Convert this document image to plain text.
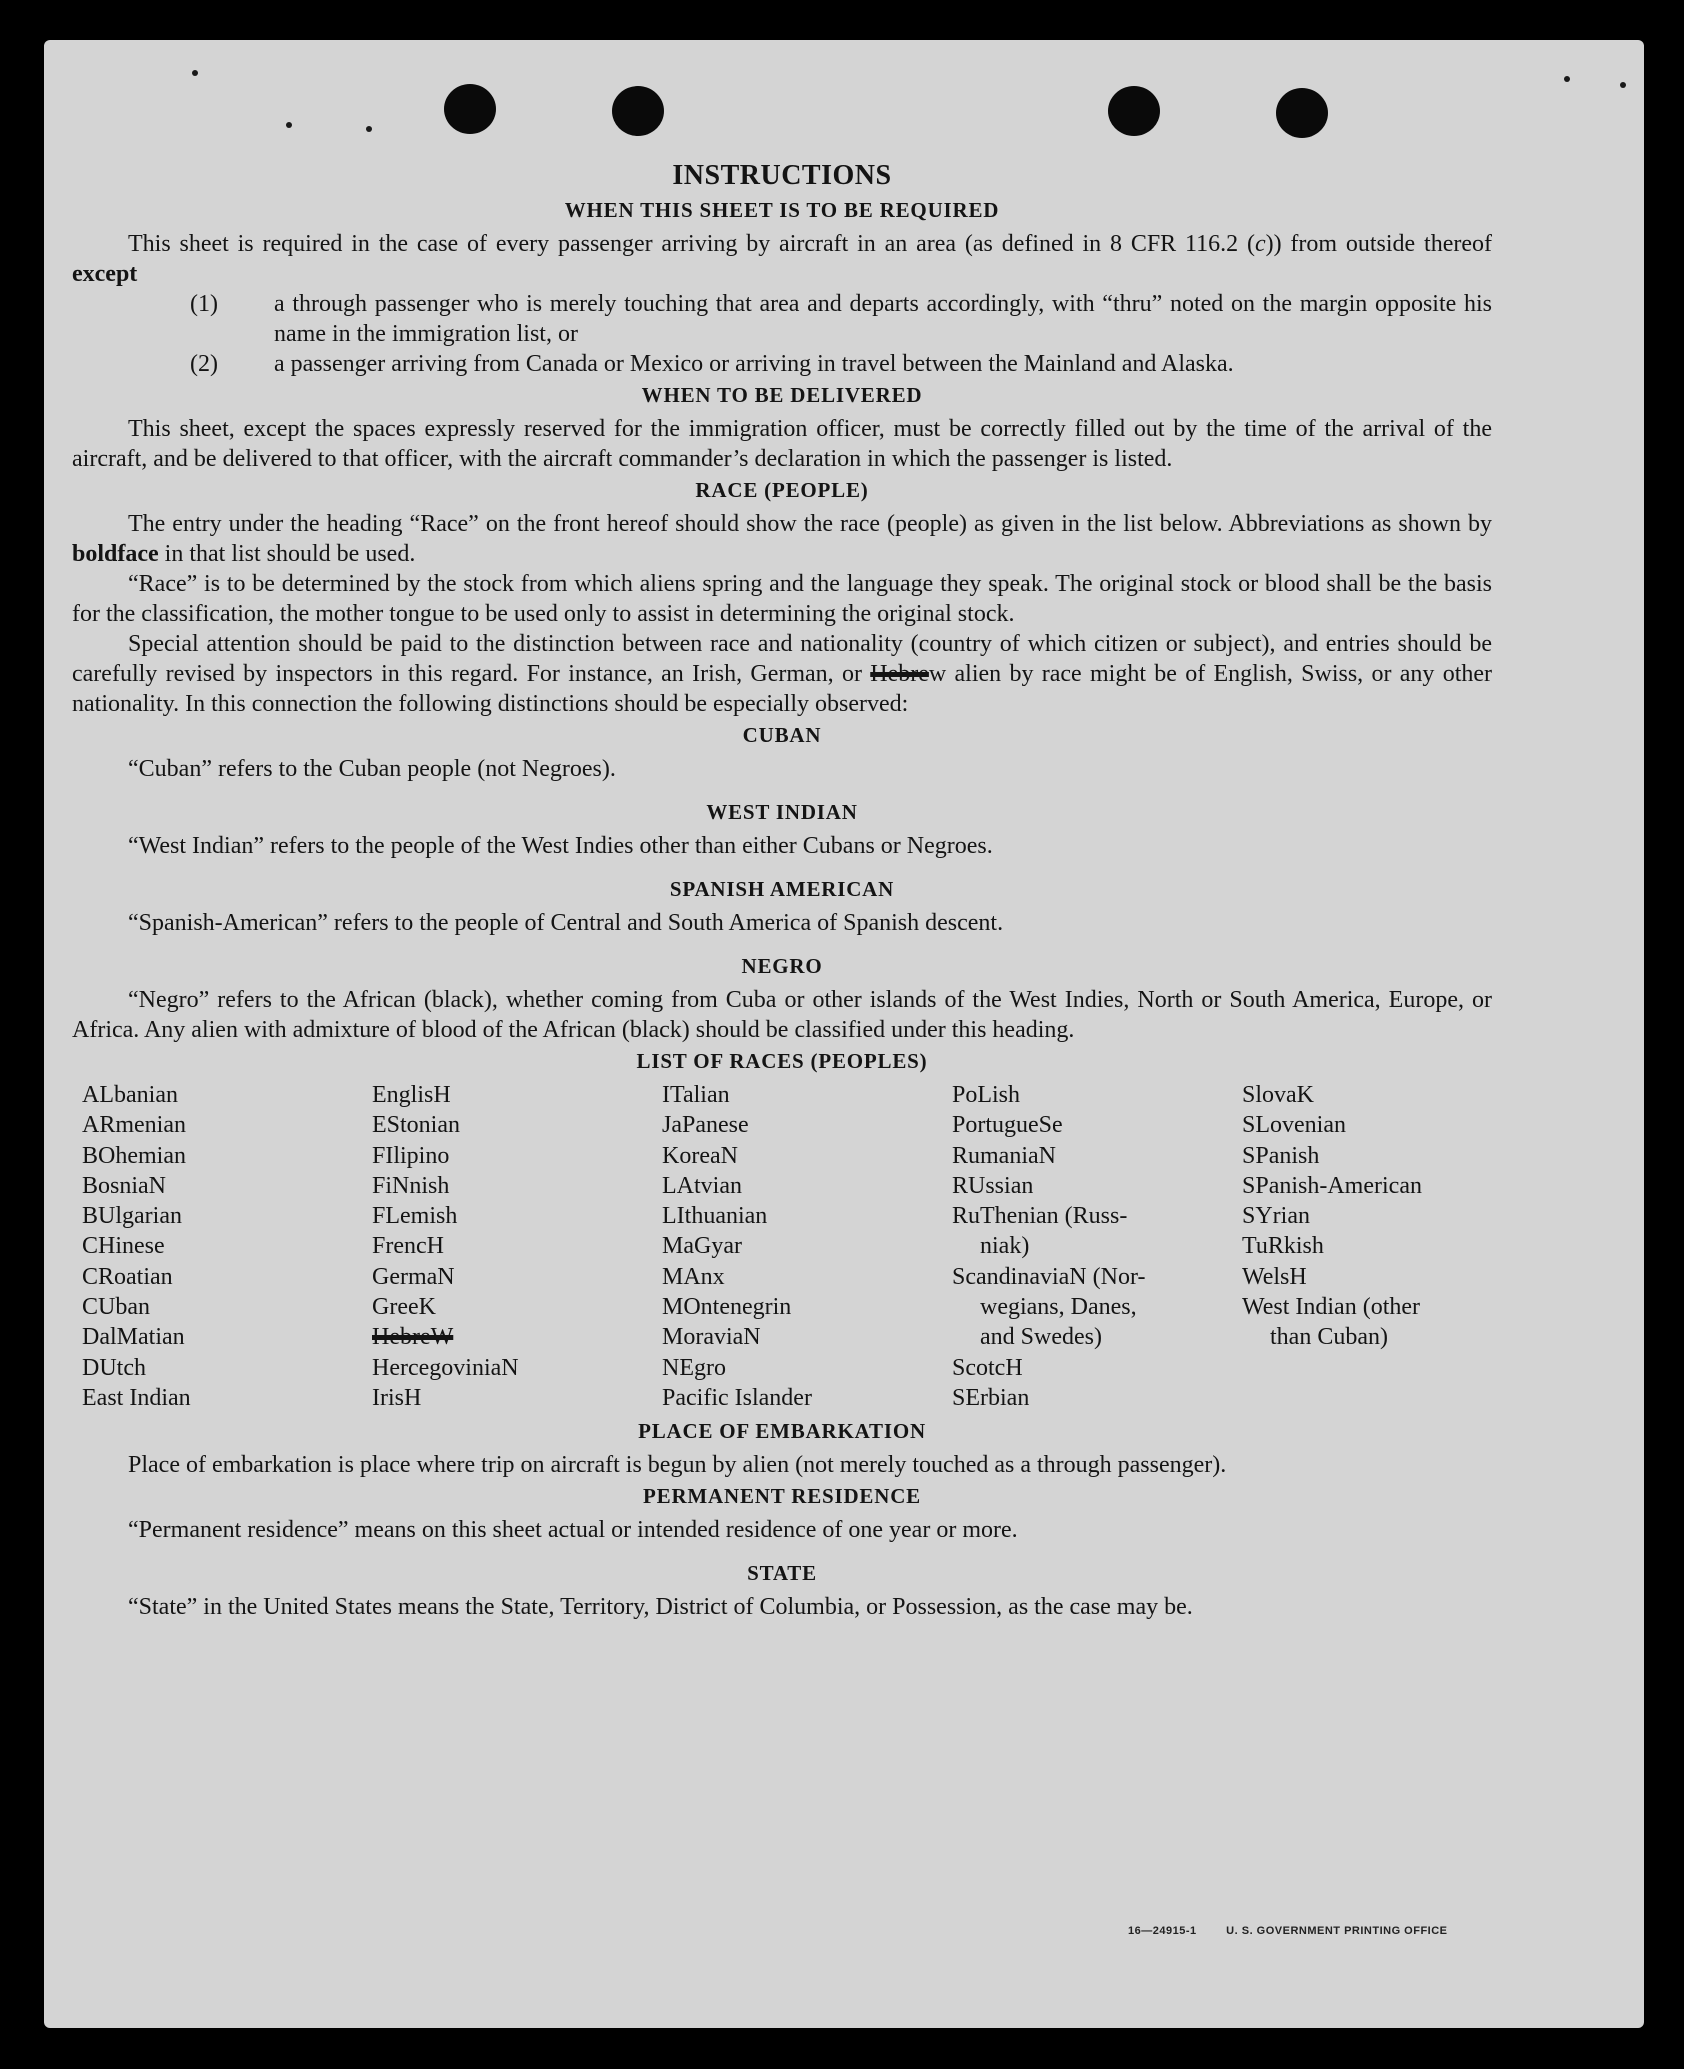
INSTRUCTIONS
WHEN THIS SHEET IS TO BE REQUIRED

This sheet is required in the case of every passenger arriving by aircraft in an area (as defined in 8 CFR 116.2 (c)) from outside thereof except

(1) a through passenger who is merely touching that area and departs accordingly, with “thru” noted on the margin opposite his name in the immigration list, or
(2) a passenger arriving from Canada or Mexico or arriving in travel between the Mainland and Alaska.
WHEN TO BE DELIVERED

This sheet, except the spaces expressly reserved for the immigration officer, must be correctly filled out by the time of the arrival of the aircraft, and be delivered to that officer, with the aircraft commander’s declaration in which the passenger is listed.

RACE (PEOPLE)

The entry under the heading “Race” on the front hereof should show the race (people) as given in the list below. Abbreviations as shown by boldface in that list should be used.

“Race” is to be determined by the stock from which aliens spring and the language they speak. The original stock or blood shall be the basis for the classification, the mother tongue to be used only to assist in determining the original stock.

Special attention should be paid to the distinction between race and nationality (country of which citizen or subject), and entries should be carefully revised by inspectors in this regard. For instance, an Irish, German, or Hebrew alien by race might be of English, Swiss, or any other nationality. In this connection the following distinctions should be especially observed:

CUBAN

“Cuban” refers to the Cuban people (not Negroes).

WEST INDIAN

“West Indian” refers to the people of the West Indies other than either Cubans or Negroes.

SPANISH AMERICAN

“Spanish-American” refers to the people of Central and South America of Spanish descent.

NEGRO

“Negro” refers to the African (black), whether coming from Cuba or other islands of the West Indies, North or South America, Europe, or Africa. Any alien with admixture of blood of the African (black) should be classified under this heading.

LIST OF RACES (PEOPLES)
ALbanian
ARmenian
BOhemian
BosniaN
BUlgarian
CHinese
CRoatian
CUban
DalMatian
DUtch
East Indian
EnglisH
EStonian
FIlipino
FiNnish
FLemish
FrencH
GermaN
GreeK
HebreW
HercegoviniaN
IrisH
ITalian
JaPanese
KoreaN
LAtvian
LIthuanian
MaGyar
MAnx
MOntenegrin
MoraviaN
NEgro
Pacific Islander
PoLish
PortugueSe
RumaniaN
RUssian
RuThenian (Russ-
niak)
ScandinaviaN (Nor-
wegians, Danes,
and Swedes)
ScotcH
SErbian
SlovaK
SLovenian
SPanish
SPanish-American
SYrian
TuRkish
WelsH
West Indian (other
than Cuban)
PLACE OF EMBARKATION

Place of embarkation is place where trip on aircraft is begun by alien (not merely touched as a through passenger).

PERMANENT RESIDENCE

“Permanent residence” means on this sheet actual or intended residence of one year or more.

STATE

“State” in the United States means the State, Territory, District of Columbia, or Possession, as the case may be.

16—24915-1	U. S. GOVERNMENT PRINTING OFFICE
